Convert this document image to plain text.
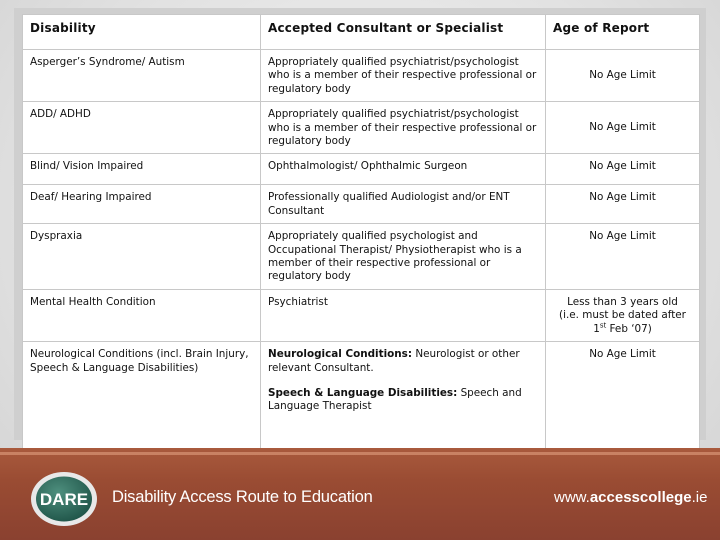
Disability	Accepted Consultant or Specialist	Age of Report

Asperger’s Syndrome/ Autism	Appropriately qualified psychiatrist/psychologist who is a member of their respective professional or regulatory body	No Age Limit

ADD/ ADHD	Appropriately qualified psychiatrist/psychologist who is a member of their respective professional or regulatory body	No Age Limit

Blind/ Vision Impaired	Ophthalmologist/ Ophthalmic Surgeon	No Age Limit

Deaf/ Hearing Impaired	Professionally qualified Audiologist and/or ENT Consultant	No Age Limit

Dyspraxia	Appropriately qualified psychologist and Occupational Therapist/ Physiotherapist who is a member of their respective professional or regulatory body	No Age Limit

Mental Health Condition	Psychiatrist	Less than 3 years old
(i.e. must be dated after
1st Feb ‘07)

Neurological Conditions (incl. Brain Injury, Speech & Language Disabilities)	Neurological Conditions: Neurologist or other relevant Consultant.
Speech & Language Disabilities: Speech and Language Therapist	No Age Limit
DARE Disability Access Route to Education	www.accesscollege.ie
